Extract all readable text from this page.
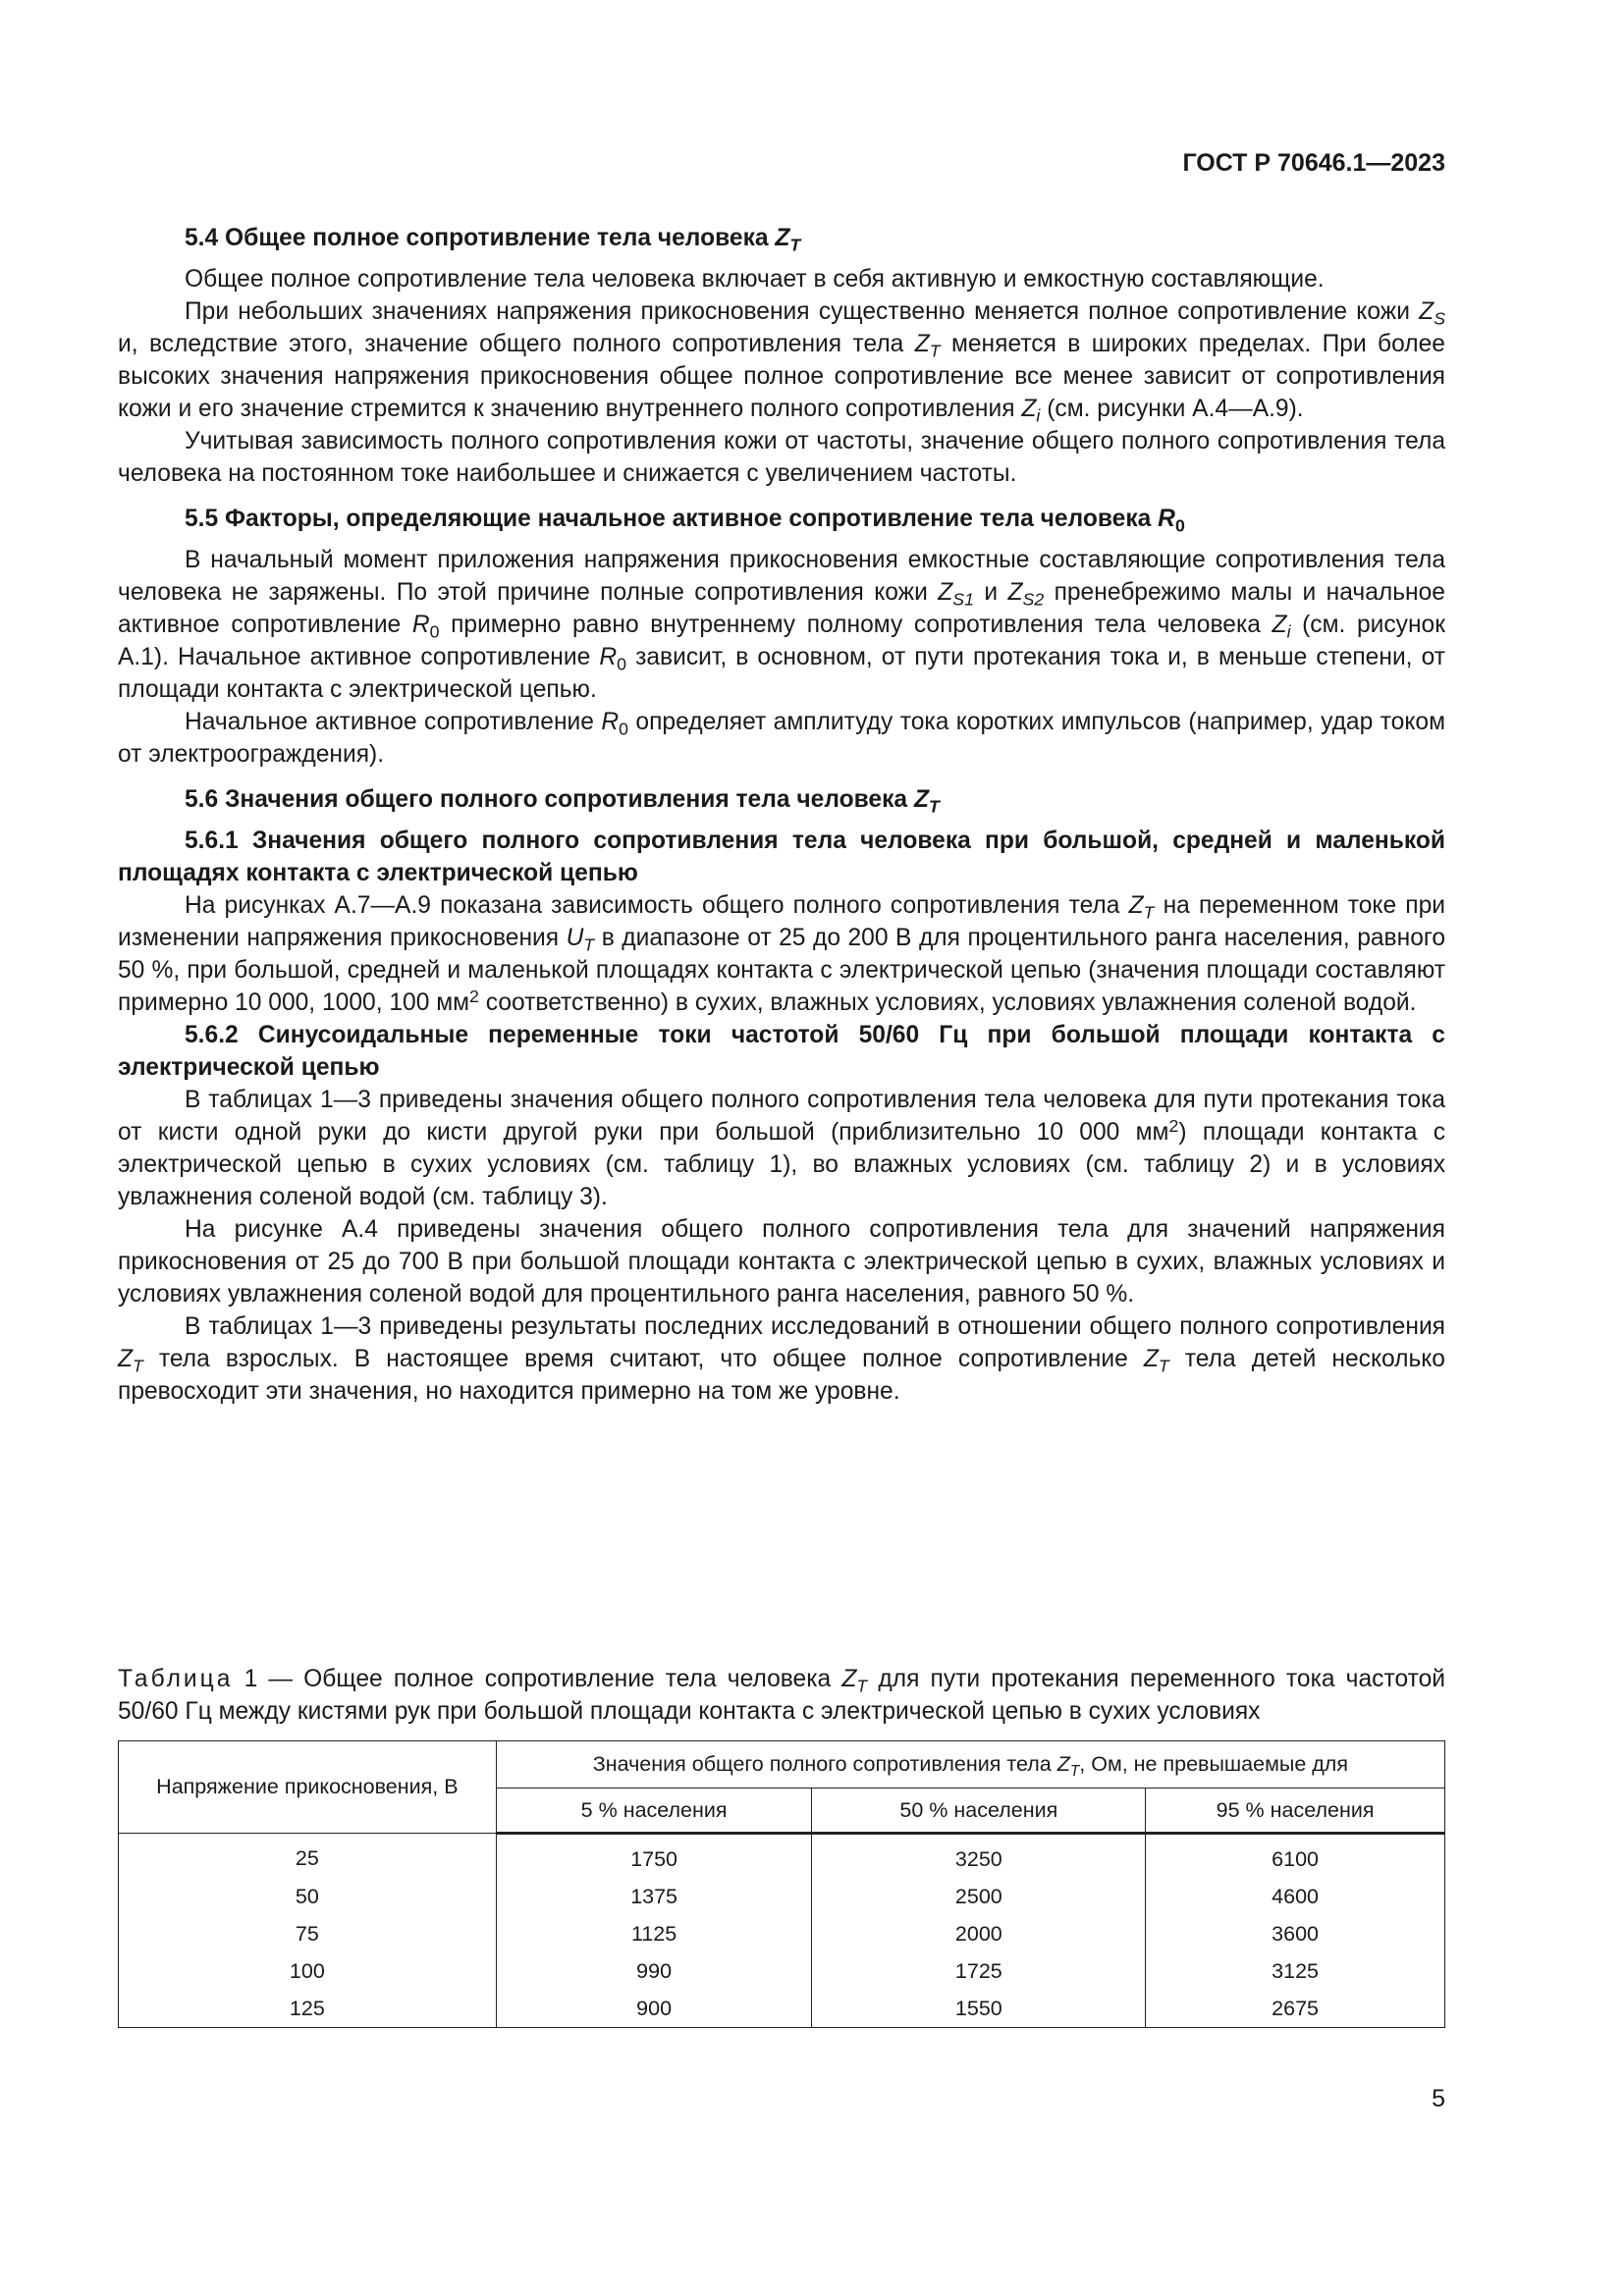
ГОСТ Р 70646.1—2023

5.4 Общее полное сопротивление тела человека $Z_T$

Общее полное сопротивление тела человека включает в себя активную и емкостную составляющие.

При небольших значениях напряжения прикосновения существенно меняется полное сопротивление кожи $Z_S$ и, вследствие этого, значение общего полного сопротивления тела $Z_T$ меняется в широких пределах. При более высоких значения напряжения прикосновения общее полное сопротивление все менее зависит от сопротивления кожи и его значение стремится к значению внутреннего полного сопротивления $Z_i$ (см. рисунки А.4—А.9).

Учитывая зависимость полного сопротивления кожи от частоты, значение общего полного сопротивления тела человека на постоянном токе наибольшее и снижается с увеличением частоты.

5.5 Факторы, определяющие начальное активное сопротивление тела человека $R_0$

В начальный момент приложения напряжения прикосновения емкостные составляющие сопротивления тела человека не заряжены. По этой причине полные сопротивления кожи $Z_{S1}$ и $Z_{S2}$ пренебрежимо малы и начальное активное сопротивление $R_0$ примерно равно внутреннему полному сопротивления тела человека $Z_i$ (см. рисунок А.1). Начальное активное сопротивление $R_0$ зависит, в основном, от пути протекания тока и, в меньше степени, от площади контакта с электрической цепью.

Начальное активное сопротивление $R_0$ определяет амплитуду тока коротких импульсов (например, удар током от электроограждения).

5.6 Значения общего полного сопротивления тела человека $Z_T$

5.6.1 Значения общего полного сопротивления тела человека при большой, средней и маленькой площадях контакта с электрической цепью

На рисунках А.7—А.9 показана зависимость общего полного сопротивления тела $Z_T$ на переменном токе при изменении напряжения прикосновения $U_T$ в диапазоне от 25 до 200 В для процентильного ранга населения, равного 50 %, при большой, средней и маленькой площадях контакта с электрической цепью (значения площади составляют примерно 10 000, 1000, 100 $мм^2$ соответственно) в сухих, влажных условиях, условиях увлажнения соленой водой.

5.6.2 Синусоидальные переменные токи частотой 50/60 Гц при большой площади контакта с электрической цепью

В таблицах 1—3 приведены значения общего полного сопротивления тела человека для пути протекания тока от кисти одной руки до кисти другой руки при большой (приблизительно 10 000 $мм^2$) площади контакта с электрической цепью в сухих условиях (см. таблицу 1), во влажных условиях (см. таблицу 2) и в условиях увлажнения соленой водой (см. таблицу 3).

На рисунке А.4 приведены значения общего полного сопротивления тела для значений напряжения прикосновения от 25 до 700 В при большой площади контакта с электрической цепью в сухих, влажных условиях и условиях увлажнения соленой водой для процентильного ранга населения, равного 50 %.

В таблицах 1—3 приведены результаты последних исследований в отношении общего полного сопротивления $Z_T$ тела взрослых. В настоящее время считают, что общее полное сопротивление $Z_T$ тела детей несколько превосходит эти значения, но находится примерно на том же уровне.

Таблица 1 — Общее полное сопротивление тела человека $Z_T$ для пути протекания переменного тока частотой 50/60 Гц между кистями рук при большой площади контакта с электрической цепью в сухих условиях
Напряжение прикосновения, В	Значения общего полного сопротивления тела $Z_T$, Ом, не превышаемые для		
	5 % населения	50 % населения	95 % населения
25	1750	3250	6100
50	1375	2500	4600
75	1125	2000	3600
100	990	1725	3125
125	900	1550	2675
5
